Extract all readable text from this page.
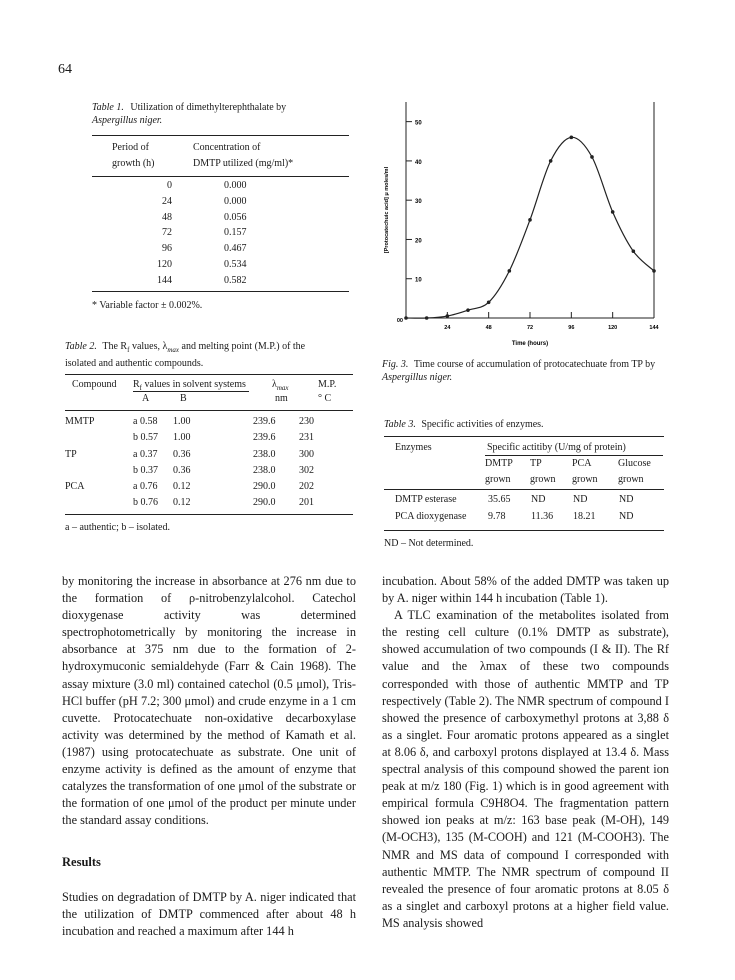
64
Table 1. Utilization of dimethylterephthalate by
Aspergillus niger.
Period of
growth (h)
Concentration of
DMTP utilized (mg/ml)*
0	0.000
24	0.000
48	0.056
72	0.157
96	0.467
120	0.534
144	0.582
* Variable factor ± 0.002%.
Table 2. The $R_f$ values, $\lambda_{max}$ and melting point (M.P.) of the
isolated and authentic compounds.
Compound $R_f$ values in solvent systems	$\lambda_{max}$	M.P.
A	B	nm	° C
MMTP	a 0.58	1.00	239.6	230
	b 0.57	1.00	239.6	231
TP	a 0.37	0.36	238.0	300
	b 0.37	0.36	238.0	302
PCA	a 0.76	0.12	290.0	202
	b 0.76	0.12	290.0	201
a – authentic; b – isolated.
10
20
30
40
50
24	48	72	96	120	144
00
Time (hours)
[Protocatechuic acid] μ moles/ml
Fig. 3. Time course of accumulation of protocatechuate from TP by Aspergillus niger.
Table 3. Specific activities of enzymes.
Enzymes	Specific actitiby (U/mg of protein)
DMTP	TP	PCA	Glucose
grown	grown	grown	grown
DMTP esterase	35.65	ND	ND	ND
PCA dioxygenase	9.78	11.36	18.21	ND
ND – Not determined.

by monitoring the increase in absorbance at 276 nm due to the formation of ρ-nitrobenzylalcohol. Catechol dioxygenase activity was determined spectrophotometrically by monitoring the increase in absorbance at 375 nm due to the formation of 2-hydroxymuconic semialdehyde (Farr & Cain 1968). The assay mixture (3.0 ml) contained catechol (0.5 μmol), Tris-HCl buffer (pH 7.2; 300 μmol) and crude enzyme in a 1 cm cuvette. Protocatechuate non-oxidative decarboxylase activity was determined by the method of Kamath et al. (1987) using protocatechuate as substrate. One unit of enzyme activity is defined as the amount of enzyme that catalyzes the transformation of one μmol of the substrate or the formation of one μmol of the product per minute under the standard assay conditions.

Results

Studies on degradation of DMTP by A. niger indicated that the utilization of DMTP commenced after about 48 h incubation and reached a maximum after 144 h

incubation. About 58% of the added DMTP was taken up by A. niger within 144 h incubation (Table 1).

A TLC examination of the metabolites isolated from the resting cell culture (0.1% DMTP as substrate), showed accumulation of two compounds (I & II). The Rf value and the λmax of these two compounds corresponded with those of authentic MMTP and TP respectively (Table 2). The NMR spectrum of compound I showed the presence of carboxymethyl protons at 3,88 δ as a singlet. Four aromatic protons appeared as a singlet at 8.06 δ, and carboxyl protons displayed at 13.4 δ. Mass spectral analysis of this compound showed the parent ion peak at m/z 180 (Fig. 1) which is in good agreement with empirical formula C9H8O4. The fragmentation pattern showed ion peaks at m/z: 163 base peak (M-OH), 149 (M-OCH3), 135 (M-COOH) and 121 (M-COOH3). The NMR and MS data of compound I corresponded with authentic MMTP. The NMR spectrum of compound II revealed the presence of four aromatic protons at 8.05 δ as a singlet and carboxyl protons at a higher field value. MS analysis showed
